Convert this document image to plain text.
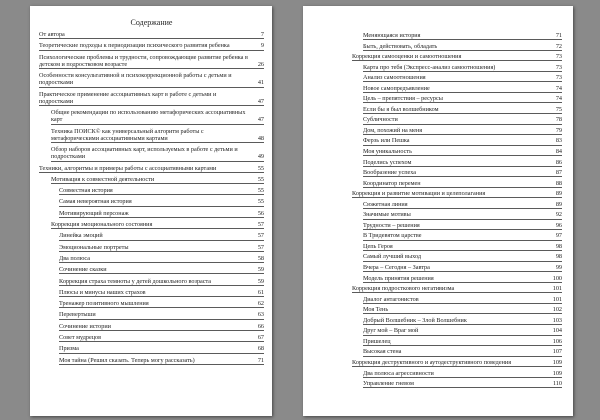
Содержание
От автора	7
Теоретические подходы к периодизации психического развития ребенка	9
Психологические проблемы и трудности, сопровождающие развитие ребенка в детском и подростковом возрасте	26
Особенности консультативной и психокоррекционной работы с детьми и подростками	41
Практическое применение ассоциативных карт в работе с детьми и подростками	47
Общие рекомендации по использованию метафорических ассоциативных карт	47
Техника ПОИСК© как универсальный алгоритм работы с метафорическими ассоциативными картами	48
Обзор наборов ассоциативных карт, используемых в работе с детьми и подростками	49
Техники, алгоритмы и примеры работы с ассоциативными картами	55
Мотивация к совместной деятельности	55
Совместная история	55
Самая невероятная история	55
Мотивирующий персонаж	56
Коррекция эмоционального состояния	57
Линейка эмоций	57
Эмоциональные портреты	57
Два полюса	58
Сочинение сказки	59
Коррекция страха темноты у детей дошкольного возраста	59
Плюсы и минусы наших страхов	61
Тренажер позитивного мышления	62
Перевертыши	63
Сочинение истории	66
Совет мудрецов	67
Призма	68
Моя тайна (Решил сказать. Теперь могу рассказать)	71
Меняющаяся история	71
Быть, действовать, обладать	72
Коррекция самооценки и самоотношения	73
Карта про тебя (Экспресс-анализ самоотношения)	73
Анализ самоотношения	73
Новое самопредъявление	74
Цель – препятствия – ресурсы	74
Если бы я был волшебником	75
Субличности	78
Дом, похожий на меня	79
Ферзь или Пешка	83
Моя уникальность	84
Поделись успехом	86
Вообразение успеха	87
Координатор перемен	88
Коррекция и развитие мотивации и целеполагания	89
Сюжетная линия	89
Значимые мотивы	92
Трудности – решения	96
В Тридевятом царстве	97
Цепь Героя	98
Самый лучший выход	98
Вчера – Сегодня – Завтра	99
Модель принятия решения	100
Коррекция подросткового негативизма	101
Диалог антагонистов	101
Моя Тень	102
Добрый Волшебник – Злой Волшебник	103
Друг мой – Враг мой	104
Пришелец	106
Высокая стена	107
Коррекция деструктивного и аутодеструктивного поведения	109
Два полюса агрессивности	109
Управление гневом	110
